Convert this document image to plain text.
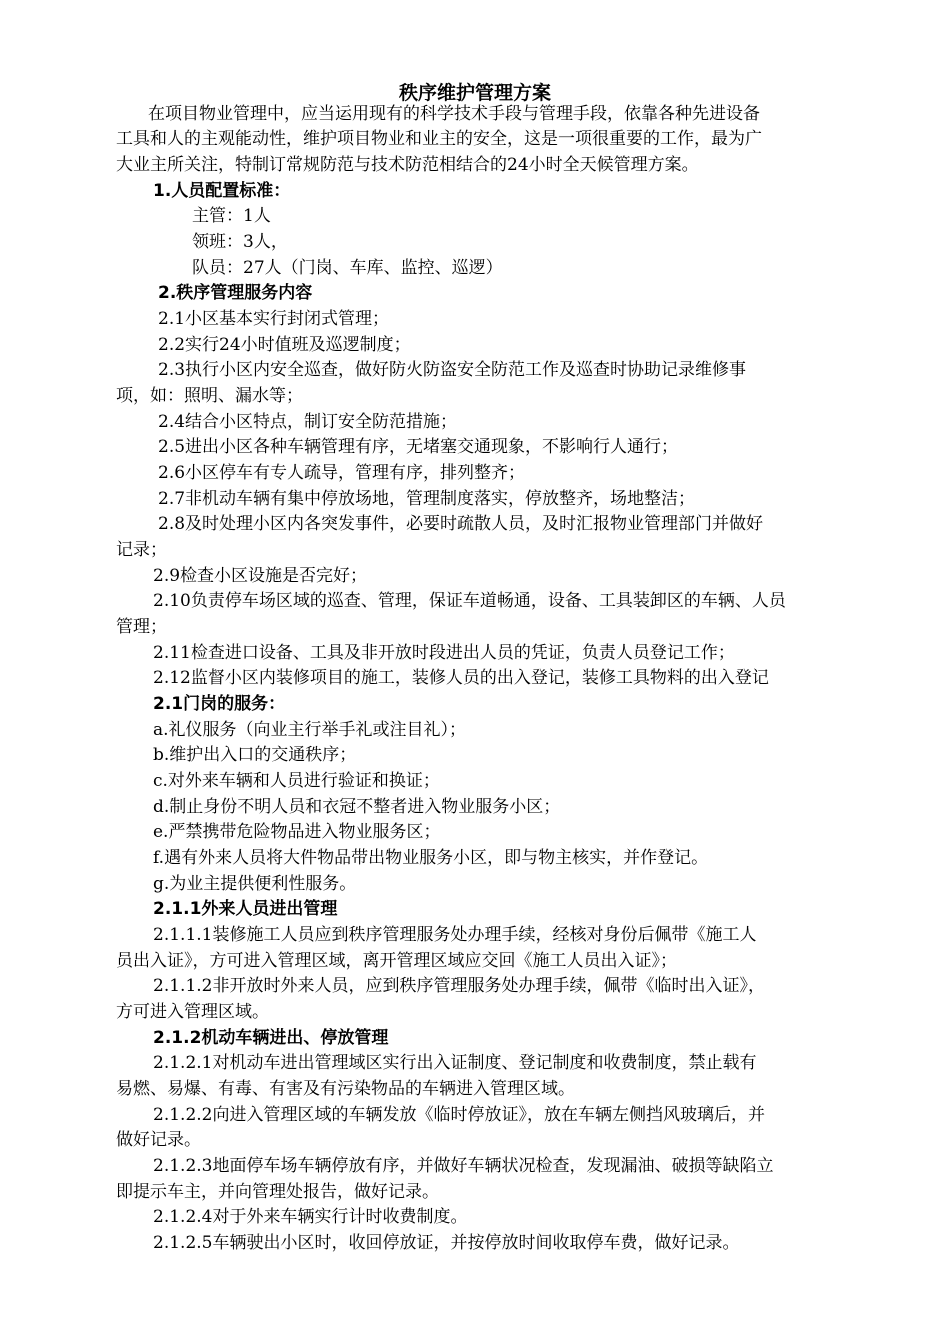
秩序维护管理方案
在项目物业管理中，应当运用现有的科学技术手段与管理手段，依靠各种先进设备
工具和人的主观能动性，维护项目物业和业主的安全，这是一项很重要的工作，最为广
大业主所关注，特制订常规防范与技术防范相结合的24小时全天候管理方案。
1.人员配置标准：
主管：1人
领班：3人，
队员：27人（门岗、车库、监控、巡逻）
2.秩序管理服务内容
2.1小区基本实行封闭式管理；
2.2实行24小时值班及巡逻制度；
2.3执行小区内安全巡查，做好防火防盗安全防范工作及巡查时协助记录维修事
项，如：照明、漏水等；
2.4结合小区特点，制订安全防范措施；
2.5进出小区各种车辆管理有序，无堵塞交通现象，不影响行人通行；
2.6小区停车有专人疏导，管理有序，排列整齐；
2.7非机动车辆有集中停放场地，管理制度落实，停放整齐，场地整洁；
2.8及时处理小区内各突发事件，必要时疏散人员，及时汇报物业管理部门并做好
记录；
2.9检查小区设施是否完好；
2.10负责停车场区域的巡查、管理，保证车道畅通，设备、工具装卸区的车辆、人员
管理；
2.11检查进口设备、工具及非开放时段进出人员的凭证，负责人员登记工作；
2.12监督小区内装修项目的施工，装修人员的出入登记，装修工具物料的出入登记
2.1门岗的服务：
a.礼仪服务（向业主行举手礼或注目礼）；
b.维护出入口的交通秩序；
c.对外来车辆和人员进行验证和换证；
d.制止身份不明人员和衣冠不整者进入物业服务小区；
e.严禁携带危险物品进入物业服务区；
f.遇有外来人员将大件物品带出物业服务小区，即与物主核实，并作登记。
g.为业主提供便利性服务。
2.1.1外来人员进出管理
2.1.1.1装修施工人员应到秩序管理服务处办理手续，经核对身份后佩带《施工人
员出入证》，方可进入管理区域，离开管理区域应交回《施工人员出入证》；
2.1.1.2非开放时外来人员，应到秩序管理服务处办理手续，佩带《临时出入证》，
方可进入管理区域。
2.1.2机动车辆进出、停放管理
2.1.2.1对机动车进出管理域区实行出入证制度、登记制度和收费制度，禁止载有
易燃、易爆、有毒、有害及有污染物品的车辆进入管理区域。
2.1.2.2向进入管理区域的车辆发放《临时停放证》，放在车辆左侧挡风玻璃后，并
做好记录。
2.1.2.3地面停车场车辆停放有序，并做好车辆状况检查，发现漏油、破损等缺陷立
即提示车主，并向管理处报告，做好记录。
2.1.2.4对于外来车辆实行计时收费制度。
2.1.2.5车辆驶出小区时，收回停放证，并按停放时间收取停车费，做好记录。
